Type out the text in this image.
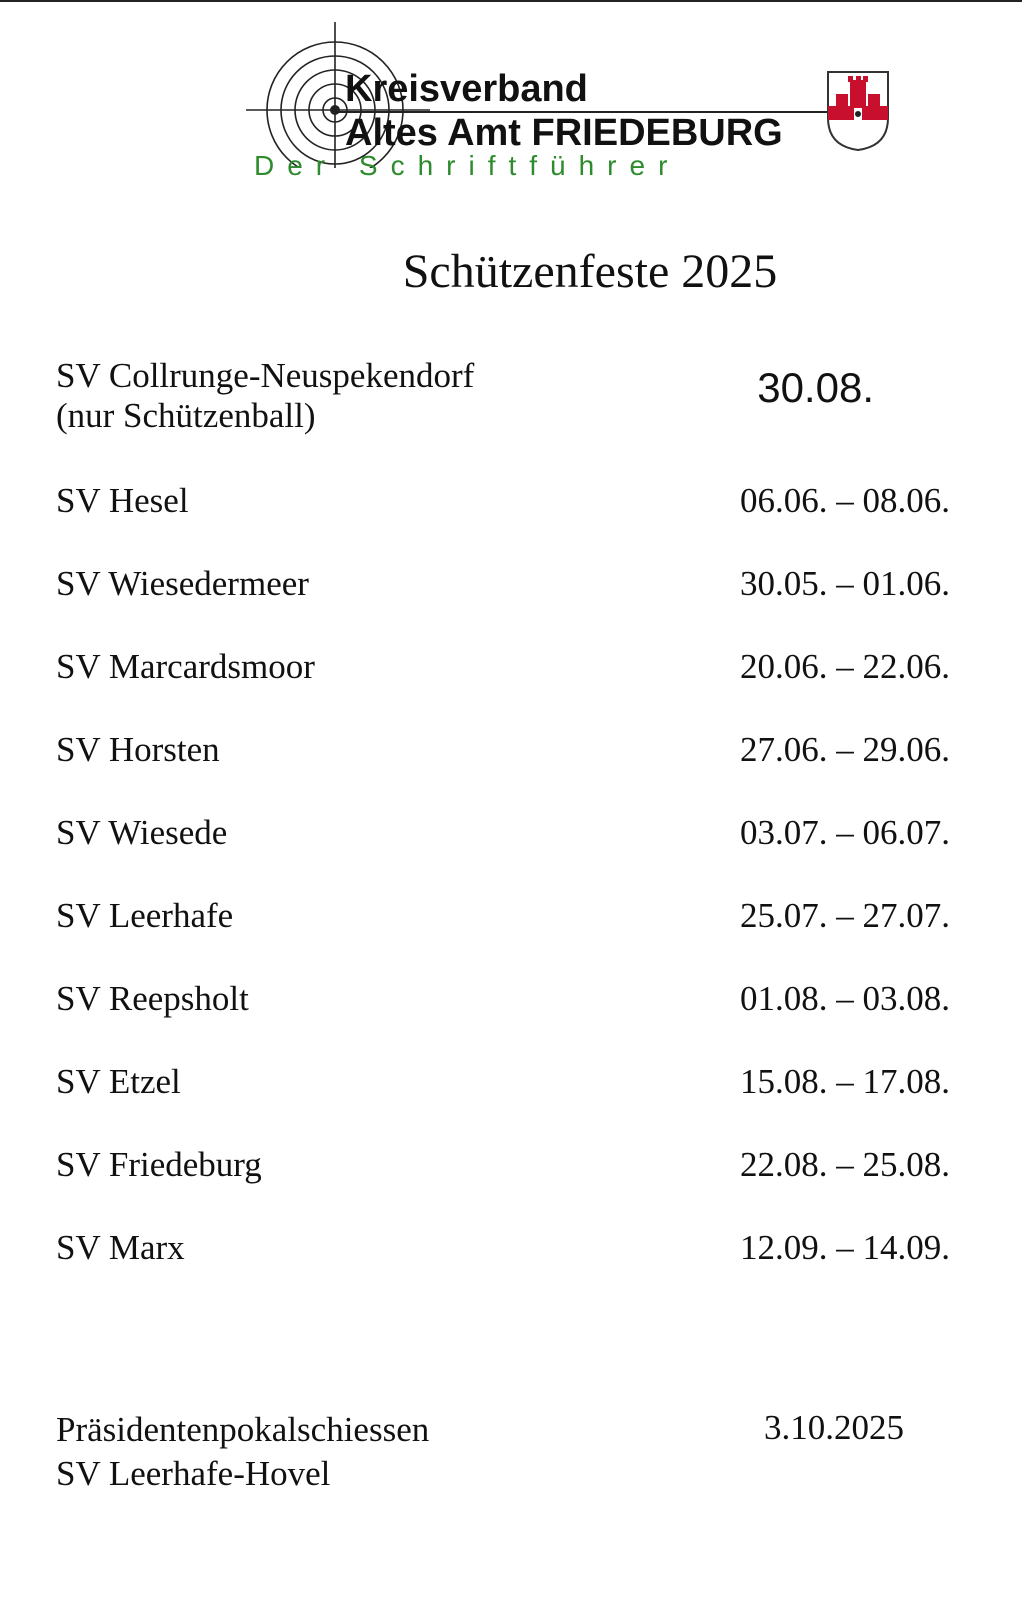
Kreisverband
Altes Amt FRIEDEBURG
Der Schriftführer
Schützenfeste 2025
SV Collrunge-Neuspekendorf
(nur Schützenball)
30.08.
SV Hesel	06.06. – 08.06.
SV Wiesedermeer	30.05. – 01.06.
SV Marcardsmoor	20.06. – 22.06.
SV Horsten	27.06. – 29.06.
SV Wiesede	03.07. – 06.07.
SV Leerhafe	25.07. – 27.07.
SV Reepsholt	01.08. – 03.08.
SV Etzel	15.08. – 17.08.
SV Friedeburg	22.08. – 25.08.
SV Marx	12.09. – 14.09.
Präsidentenpokalschiessen
SV Leerhafe-Hovel
3.10.2025
